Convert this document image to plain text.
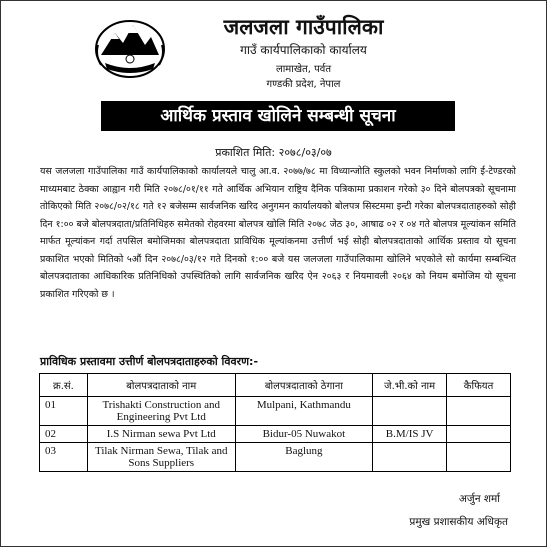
जलजला गाउँपालिका
गाउँ कार्यपालिकाको कार्यालय
लामाखेत, पर्वत
गण्डकी प्रदेश, नेपाल
आर्थिक प्रस्ताव खोलिने सम्बन्धी सूचना
प्रकाशित मिति: २०७८/०३/०७
यस जलजला गाउँपालिका गाउँ कार्यपालिकाको कार्यालयले चालु आ.व. २०७७/७८ मा विध्यान्जोति स्कुलको भवन निर्माणको लागि ई-टेण्डरको माध्यमबाट ठेक्का आह्वान गरी मिति २०७८/०१/११ गते आर्थिक अभियान राष्ट्रिय दैनिक पत्रिकामा प्रकाशन गरेको ३० दिने बोलपत्रको सूचनामा तोकिएको मिति २०७८/०२/१८ गते १२ बजेसम्म सार्वजनिक खरिद अनुगमन कार्यालयको बोलपत्र सिस्टममा इन्टी गरेका बोलपत्रदाताहरुको सोही दिन १:०० बजे बोलपत्रदाता/प्रतिनिधिहरु समेतको रोहवरमा बोलपत्र खोलि मिति २०७८ जेठ ३०, आषाढ ०२ र ०४ गते बोलपत्र मूल्यांकन समिति मार्फत मूल्यांकन गर्दा तपसिल बमोजिमका बोलपत्रदाता प्राविधिक मूल्यांकनमा उत्तीर्ण भई सोही बोलपत्रदाताको आर्थिक प्रस्ताव यो सूचना प्रकाशित भएको मितिको ५औं दिन २०७८/०३/१२ गते दिनको १:०० बजे यस जलजला गाउँपालिकामा खोलिने भएकोले सो कार्यमा सम्बन्धित बोलपत्रदाताका आधिकारिक प्रतिनिधिको उपस्थितिको लागि सार्वजनिक खरिद ऐन २०६३ र नियमावली २०६४ को नियम बमोजिम यो सूचना प्रकाशित गरिएको छ ।
प्राविधिक प्रस्तावमा उत्तीर्ण बोलपत्रदाताहरुको विवरण:-
क्र.सं.	बोलपत्रदाताको नाम	बोलपत्रदाताको ठेगाना	जे.भी.को नाम	कैफियत
01	Trishakti Construction and Engineering Pvt Ltd	Mulpani, Kathmandu		
02	I.S Nirman sewa Pvt Ltd	Bidur-05 Nuwakot	B.M/IS JV	
03	Tilak Nirman Sewa, Tilak and Sons Suppliers	Baglung		
अर्जुन शर्मा
प्रमुख प्रशासकीय अधिकृत
